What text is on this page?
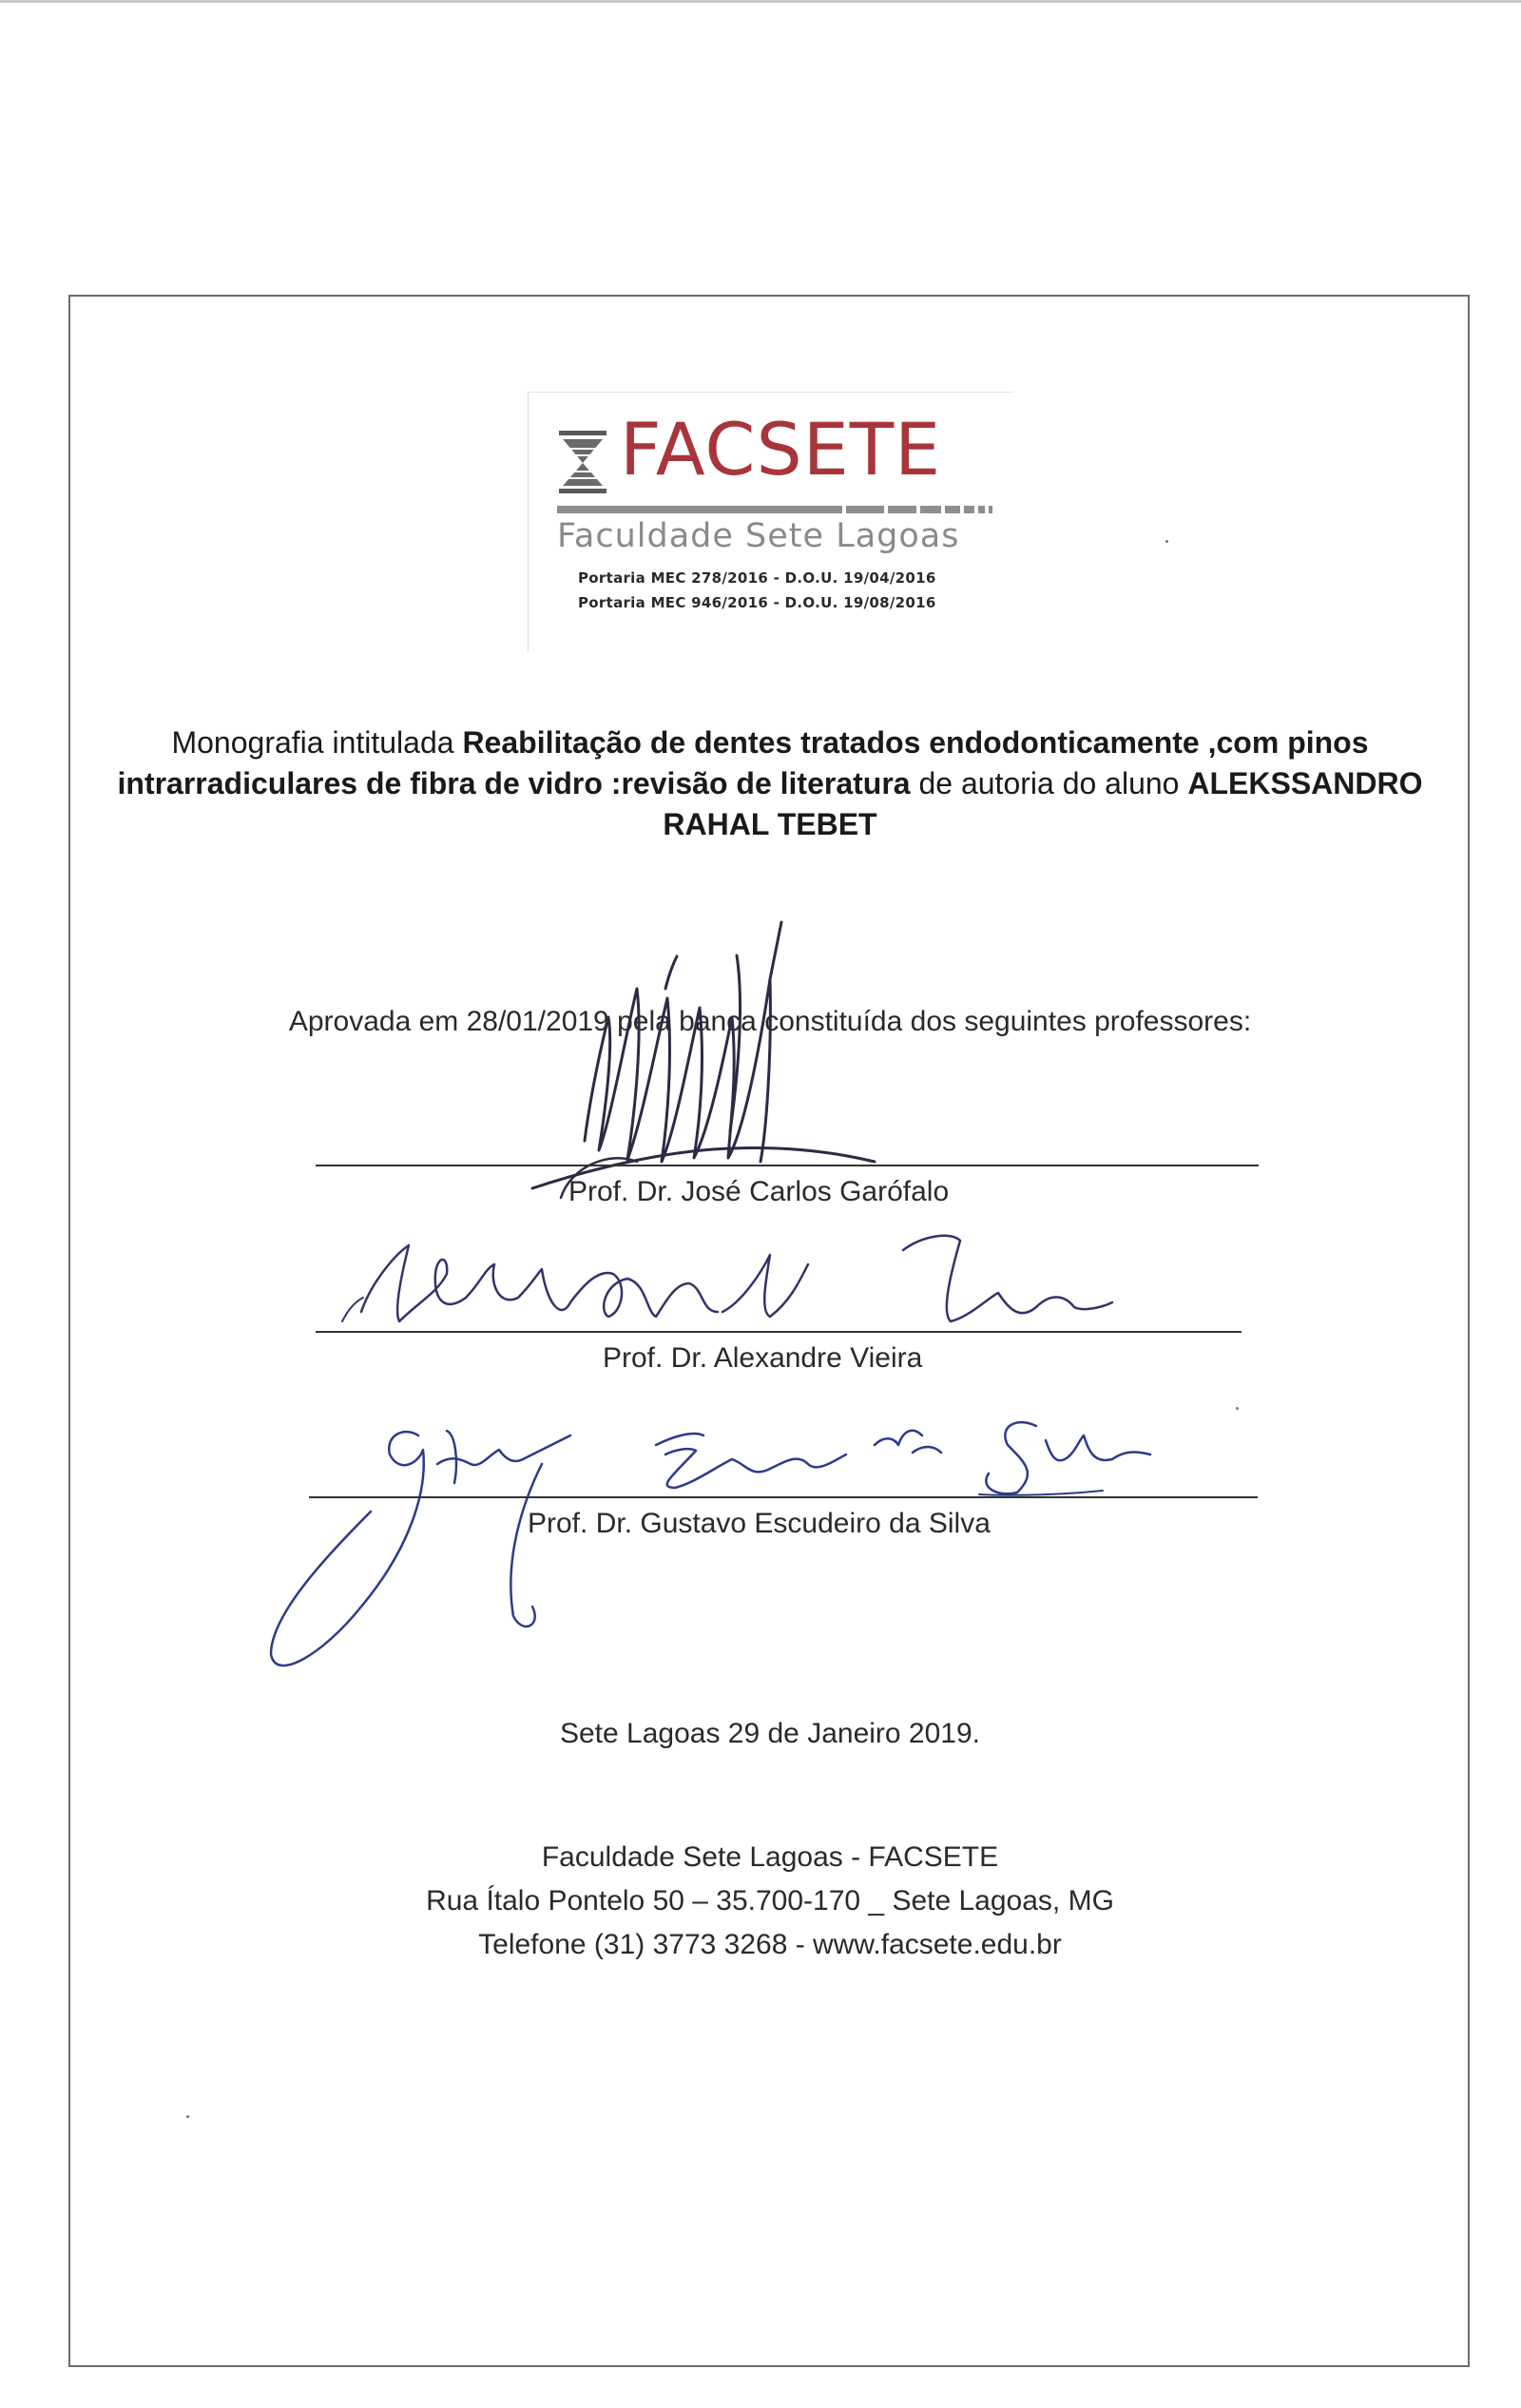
FACSETE
Faculdade Sete Lagoas
Portaria MEC 278/2016 - D.O.U. 19/04/2016
Portaria MEC 946/2016 - D.O.U. 19/08/2016
Monografia intitulada Reabilitação de dentes tratados endodonticamente ,com pinos intrarradiculares de fibra de vidro :revisão de literatura de autoria do aluno ALEKSSANDRO RAHAL TEBET
Aprovada em 28/01/2019 pela banca constituída dos seguintes professores:
Prof. Dr. José Carlos Garófalo
Prof. Dr. Alexandre Vieira
Prof. Dr. Gustavo Escudeiro da Silva
Sete Lagoas 29 de Janeiro 2019.
Faculdade Sete Lagoas - FACSETE
Rua Ítalo Pontelo 50 – 35.700-170 _ Sete Lagoas, MG
Telefone (31) 3773 3268 - www.facsete.edu.br
